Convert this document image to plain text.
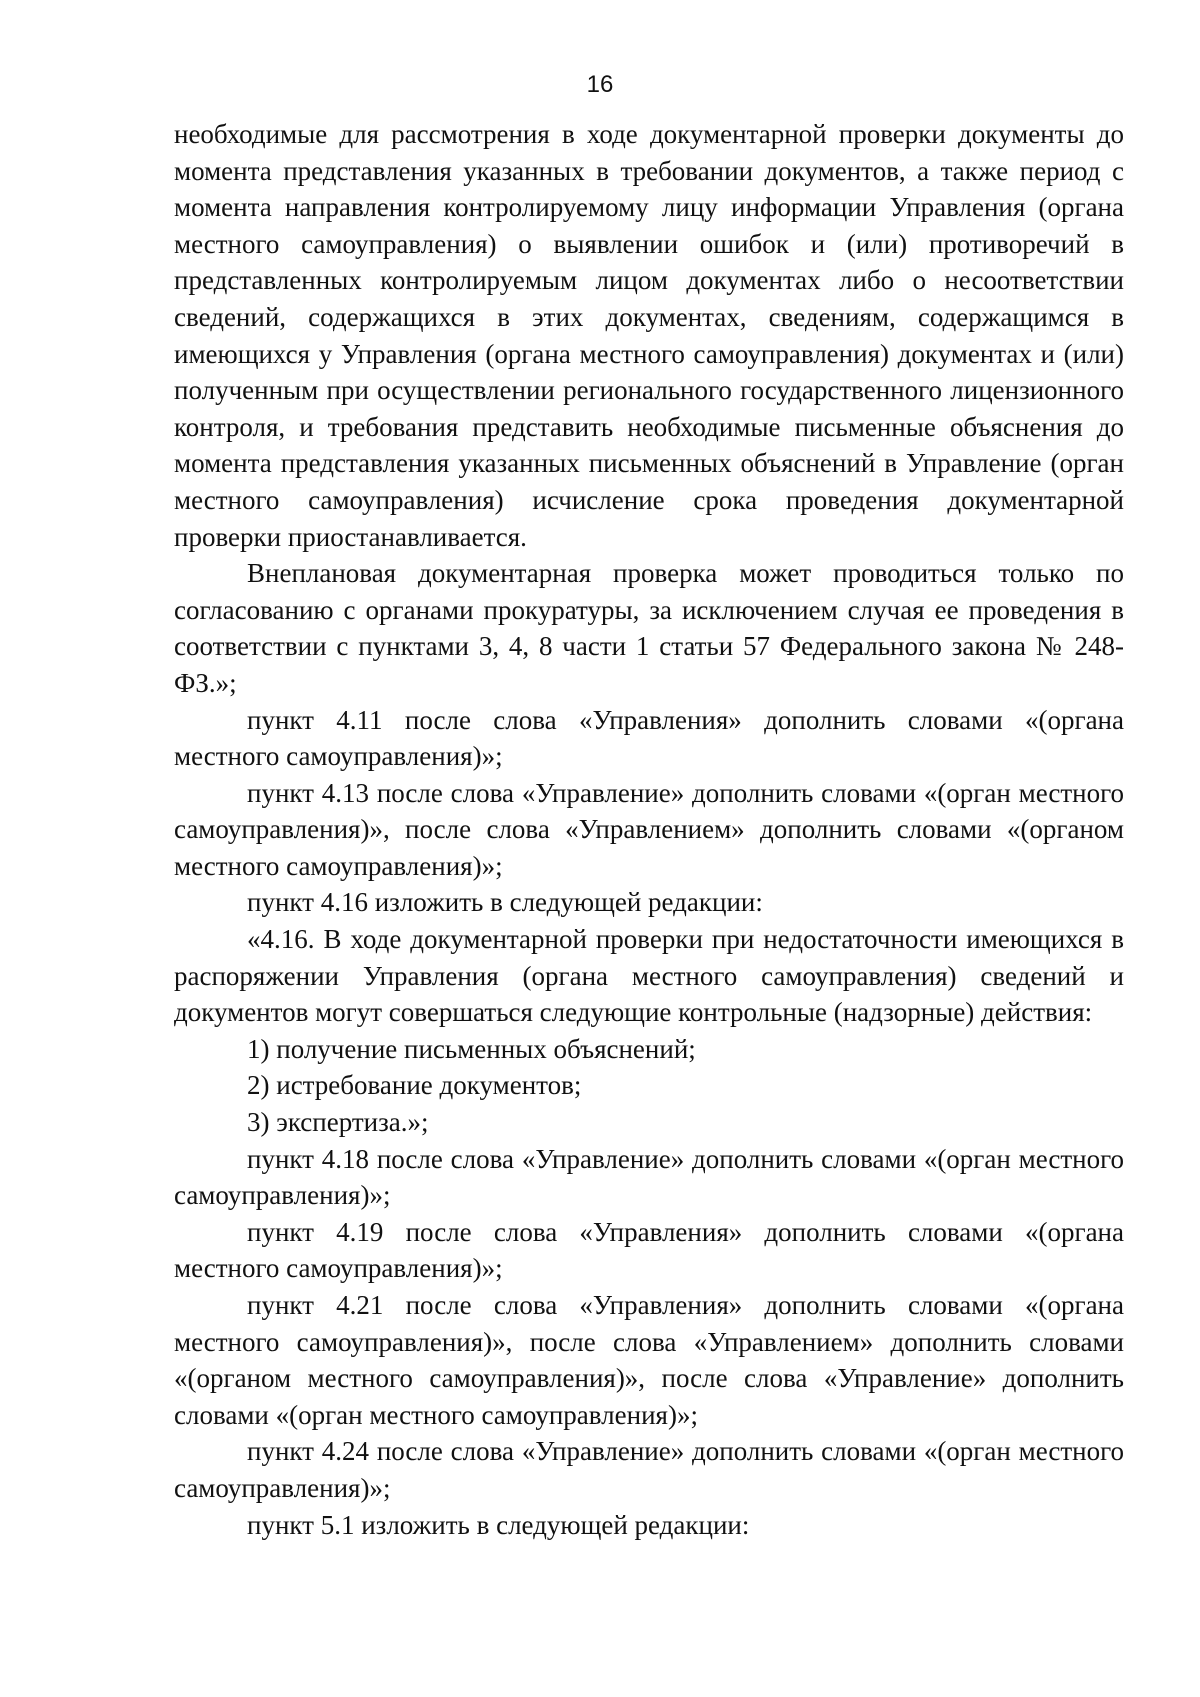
16

необходимые для рассмотрения в ходе документарной проверки документы до момента представления указанных в требовании документов, а также период с момента направления контролируемому лицу информации Управления (органа местного самоуправления) о выявлении ошибок и (или) противоречий в представленных контролируемым лицом документах либо о несоответствии сведений, содержащихся в этих документах, сведениям, содержащимся в имеющихся у Управления (органа местного самоуправления) документах и (или) полученным при осуществлении регионального государственного лицензионного контроля, и требования представить необходимые письменные объяснения до момента представления указанных письменных объяснений в Управление (орган местного самоуправления) исчисление срока проведения документарной проверки приостанавливается.

Внеплановая документарная проверка может проводиться только по согласованию с органами прокуратуры, за исключением случая ее проведения в соответствии с пунктами 3, 4, 8 части 1 статьи 57 Федерального закона № 248-ФЗ.»;

пункт 4.11 после слова «Управления» дополнить словами «(органа местного самоуправления)»;

пункт 4.13 после слова «Управление» дополнить словами «(орган местного самоуправления)», после слова «Управлением» дополнить словами «(органом местного самоуправления)»;

пункт 4.16 изложить в следующей редакции:

«4.16. В ходе документарной проверки при недостаточности имеющихся в распоряжении Управления (органа местного самоуправления) сведений и документов могут совершаться следующие контрольные (надзорные) действия:

1) получение письменных объяснений;

2) истребование документов;

3) экспертиза.»;

пункт 4.18 после слова «Управление» дополнить словами «(орган местного самоуправления)»;

пункт 4.19 после слова «Управления» дополнить словами «(органа местного самоуправления)»;

пункт 4.21 после слова «Управления» дополнить словами «(органа местного самоуправления)», после слова «Управлением» дополнить словами «(органом местного самоуправления)», после слова «Управление» дополнить словами «(орган местного самоуправления)»;

пункт 4.24 после слова «Управление» дополнить словами «(орган местного самоуправления)»;

пункт 5.1 изложить в следующей редакции:
